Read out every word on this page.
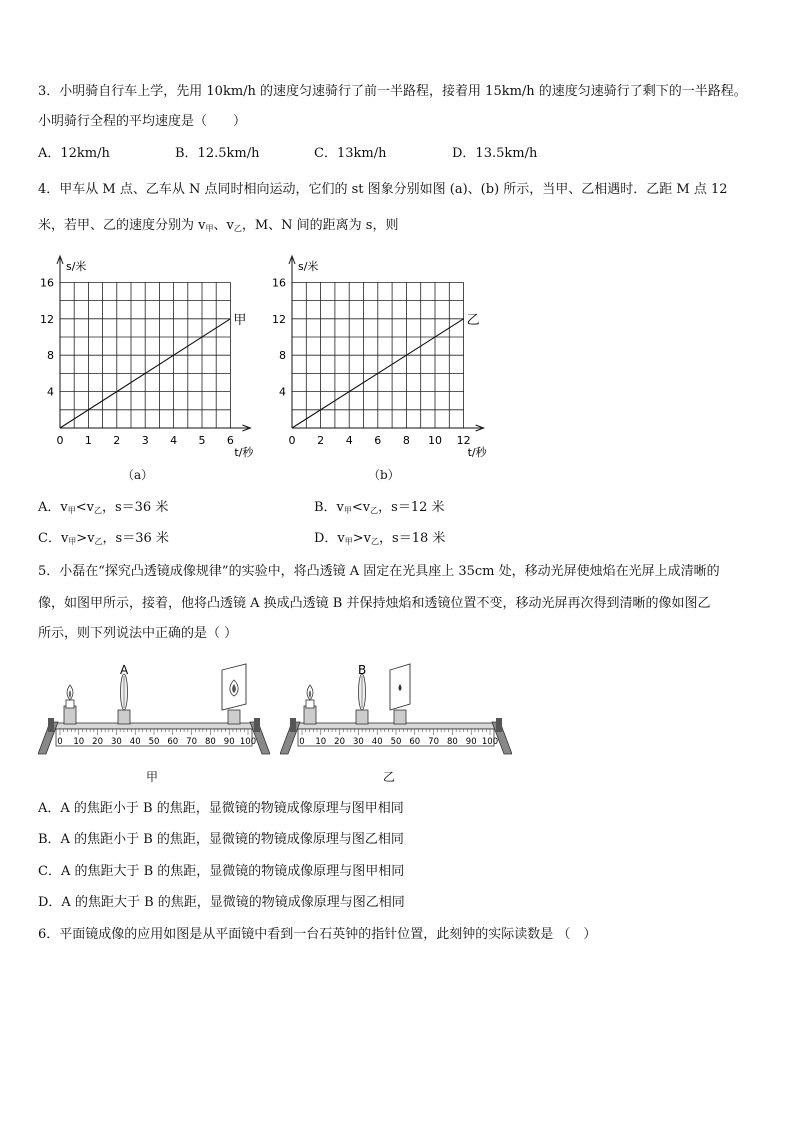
3．小明骑自行车上学，先用 10km/h 的速度匀速骑行了前一半路程，接着用 15km/h 的速度匀速骑行了剩下的一半路程。
小明骑行全程的平均速度是（　　）
A．12km/h	B．12.5km/h	C．13km/h	D．13.5km/h
4．甲车从 M 点、乙车从 N 点同时相向运动，它们的 st 图象分别如图 (a)、(b) 所示，当甲、乙相遇时．乙距 M 点 12
米，若甲、乙的速度分别为 $v_甲$、$v_乙$，M、N 间的距离为 s，则
s/米
t/秒
4
8
12
16
0 1 2 3 4 5 6
甲
s/米
t/秒
4
8
12
16
0 2 4 6 8 10 12
乙
（a）	（b）
A．$v_甲<v_乙$，s＝36 米	B．$v_甲<v_乙$，s＝12 米
C．$v_甲>v_乙$，s＝36 米	D．$v_甲>v_乙$，s＝18 米
5．小磊在“探究凸透镜成像规律”的实验中，将凸透镜 A 固定在光具座上 35cm 处，移动光屏使烛焰在光屏上成清晰的
像，如图甲所示，接着，他将凸透镜 A 换成凸透镜 B 并保持烛焰和透镜位置不变，移动光屏再次得到清晰的像如图乙
所示，则下列说法中正确的是（ ）
0 10 20 30 40 50 60 70 80 90 100
A
0 10 20 30 40 50 60 70 80 90 100
B
甲	乙
A．A 的焦距小于 B 的焦距，显微镜的物镜成像原理与图甲相同
B．A 的焦距小于 B 的焦距，显微镜的物镜成像原理与图乙相同
C．A 的焦距大于 B 的焦距，显微镜的物镜成像原理与图甲相同
D．A 的焦距大于 B 的焦距，显微镜的物镜成像原理与图乙相同
6．平面镜成像的应用如图是从平面镜中看到一台石英钟的指针位置，此刻钟的实际读数是 （　）
